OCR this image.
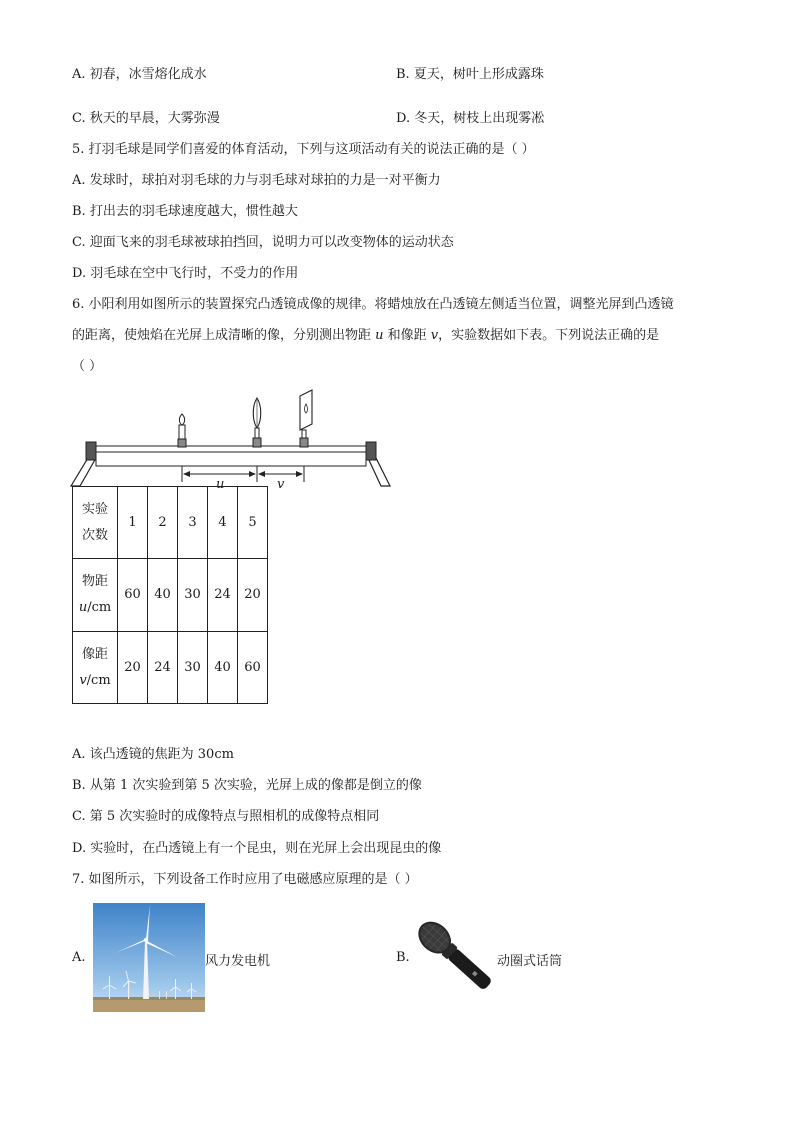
A. 初春，冰雪熔化成水	B. 夏天，树叶上形成露珠
C. 秋天的早晨，大雾弥漫	D. 冬天，树枝上出现雾凇
5. 打羽毛球是同学们喜爱的体育活动，下列与这项活动有关的说法正确的是（ ）
A. 发球时，球拍对羽毛球的力与羽毛球对球拍的力是一对平衡力
B. 打出去的羽毛球速度越大，惯性越大
C. 迎面飞来的羽毛球被球拍挡回，说明力可以改变物体的运动状态
D. 羽毛球在空中飞行时，不受力的作用
6. 小阳利用如图所示的装置探究凸透镜成像的规律。将蜡烛放在凸透镜左侧适当位置，调整光屏到凸透镜
的距离，使烛焰在光屏上成清晰的像，分别测出物距 u 和像距 v，实验数据如下表。下列说法正确的是
（ ）
u	v
实验
次数	1	2	3	4	5

物距
u/cm	60	40	30	24	20

像距
v/cm	20	24	30	40	60
A. 该凸透镜的焦距为 30cm
B. 从第 1 次实验到第 5 次实验，光屏上成的像都是倒立的像
C. 第 5 次实验时的成像特点与照相机的成像特点相同
D. 实验时，在凸透镜上有一个昆虫，则在光屏上会出现昆虫的像
7. 如图所示，下列设备工作时应用了电磁感应原理的是（ ）
A.	风力发电机	B.	动圈式话筒
